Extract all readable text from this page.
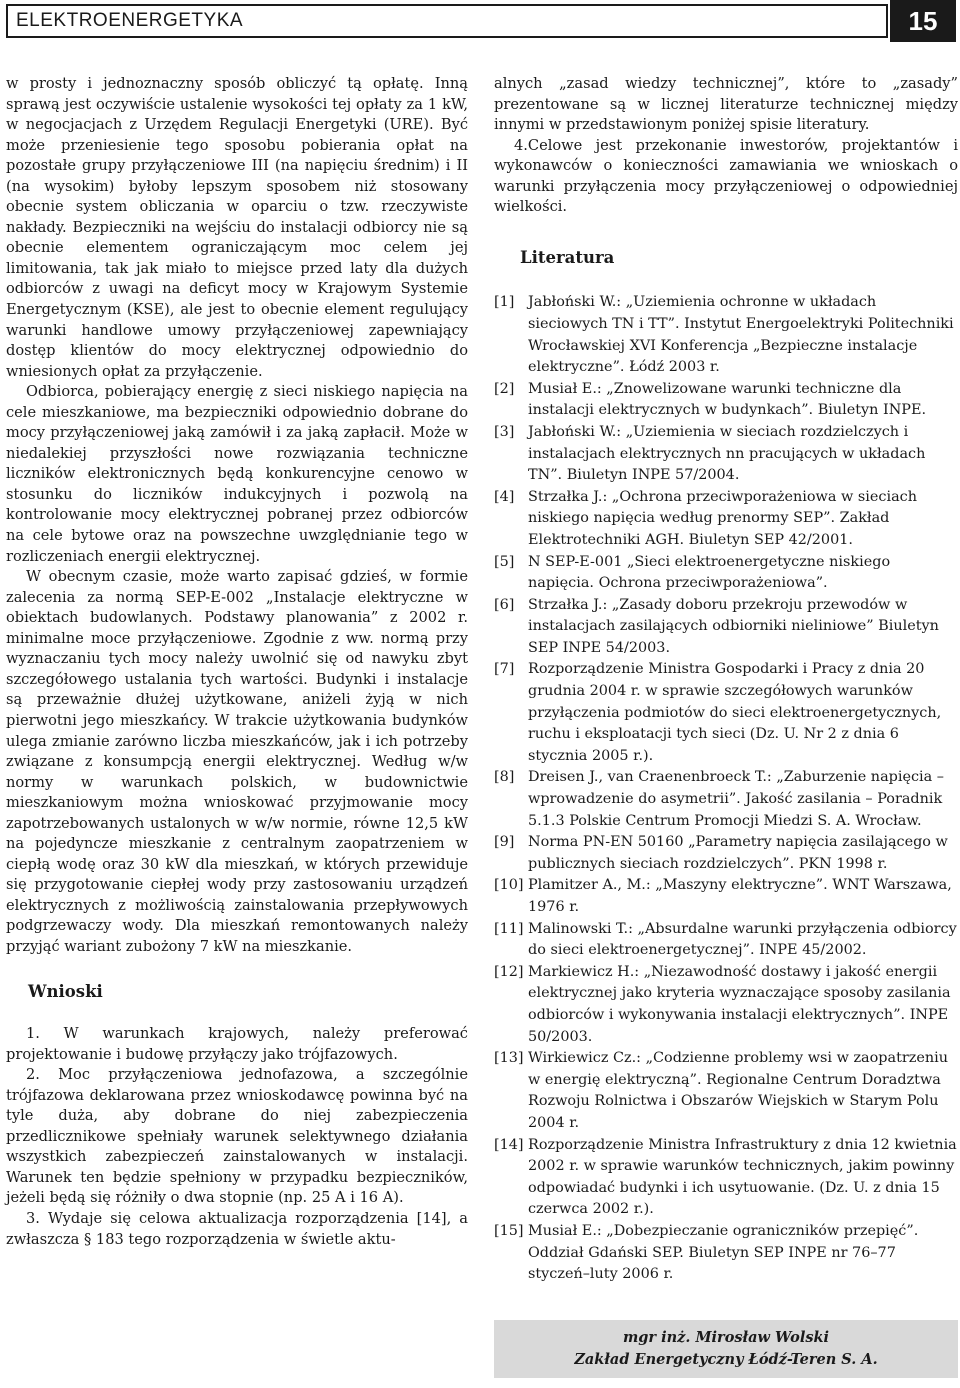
ELEKTROENERGETYKA	15

w prosty i jednoznaczny sposób obliczyć tą opłatę. Inną sprawą jest oczywiście ustalenie wysokości tej opłaty za 1 kW, w negocjacjach z Urzędem Regulacji Energetyki (URE). Być może przeniesienie tego sposobu pobierania opłat na pozostałe grupy przyłączeniowe III (na napięciu średnim) i II (na wysokim) byłoby lepszym sposobem niż stosowany obecnie system obliczania w oparciu o tzw. rzeczywiste nakłady. Bezpieczniki na wejściu do instalacji odbiorcy nie są obecnie elementem ograniczającym moc celem jej limitowania, tak jak miało to miejsce przed laty dla dużych odbiorców z uwagi na deficyt mocy w Krajowym Systemie Energetycznym (KSE), ale jest to obecnie element regulujący warunki handlowe umowy przyłączeniowej zapewniający dostęp klientów do mocy elektrycznej odpowiednio do wniesionych opłat za przyłączenie.

Odbiorca, pobierający energię z sieci niskiego napięcia na cele mieszkaniowe, ma bezpieczniki odpowiednio dobrane do mocy przyłączeniowej jaką zamówił i za jaką zapłacił. Może w niedalekiej przyszłości nowe rozwiązania techniczne liczników elektronicznych będą konkurencyjne cenowo w stosunku do liczników indukcyjnych i pozwolą na kontrolowanie mocy elektrycznej pobranej przez odbiorców na cele bytowe oraz na powszechne uwzględnianie tego w rozliczeniach energii elektrycznej.

W obecnym czasie, może warto zapisać gdzieś, w formie zalecenia za normą SEP-E-002 „Instalacje elektryczne w obiektach budowlanych. Podstawy planowania” z 2002 r. minimalne moce przyłączeniowe. Zgodnie z ww. normą przy wyznaczaniu tych mocy należy uwolnić się od nawyku zbyt szczegółowego ustalania tych wartości. Budynki i instalacje są przeważnie dłużej użytkowane, aniżeli żyją w nich pierwotni jego mieszkańcy. W trakcie użytkowania budynków ulega zmianie zarówno liczba mieszkańców, jak i ich potrzeby związane z konsumpcją energii elektrycznej. Według w/w normy w warunkach polskich, w budownictwie mieszkaniowym można wnioskować przyjmowanie mocy zapotrzebowanych ustalonych w w/w normie, równe 12,5 kW na pojedyncze mieszkanie z centralnym zaopatrzeniem w ciepłą wodę oraz 30 kW dla mieszkań, w których przewiduje się przygotowanie ciepłej wody przy zastosowaniu urządzeń elektrycznych z możliwością zainstalowania przepływowych podgrzewaczy wody. Dla mieszkań remontowanych należy przyjąć wariant zubożony 7 kW na mieszkanie.

Wnioski

1. W warunkach krajowych, należy preferować projektowanie i budowę przyłączy jako trójfazowych.

2. Moc przyłączeniowa jednofazowa, a szczególnie trójfazowa deklarowana przez wnioskodawcę powinna być na tyle duża, aby dobrane do niej zabezpieczenia przedlicznikowe spełniały warunek selektywnego działania wszystkich zabezpieczeń zainstalowanych w instalacji. Warunek ten będzie spełniony w przypadku bezpieczników, jeżeli będą się różniły o dwa stopnie (np. 25 A i 16 A).

3. Wydaje się celowa aktualizacja rozporządzenia [14], a zwłaszcza § 183 tego rozporządzenia w świetle aktu-

alnych „zasad wiedzy technicznej”, które to „zasady” prezentowane są w licznej literaturze technicznej między innymi w przedstawionym poniżej spisie literatury.

4.Celowe jest przekonanie inwestorów, projektantów i wykonawców o konieczności zamawiania we wnioskach o warunki przyłączenia mocy przyłączeniowej o odpowiedniej wielkości.

Literatura
[1] Jabłoński W.: „Uziemienia ochronne w układach sieciowych TN i TT”. Instytut Energoelektryki Politechniki Wrocławskiej XVI Konferencja „Bezpieczne instalacje elektryczne”. Łódź 2003 r.
[2] Musiał E.: „Znowelizowane warunki techniczne dla instalacji elektrycznych w budynkach”. Biuletyn INPE.
[3] Jabłoński W.: „Uziemienia w sieciach rozdzielczych i instalacjach elektrycznych nn pracujących w układach TN”. Biuletyn INPE 57/2004.
[4] Strzałka J.: „Ochrona przeciwporażeniowa w sieciach niskiego napięcia według prenormy SEP”. Zakład Elektrotechniki AGH. Biuletyn SEP 42/2001.
[5] N SEP-E-001 „Sieci elektroenergetyczne niskiego napięcia. Ochrona przeciwporażeniowa”.
[6] Strzałka J.: „Zasady doboru przekroju przewodów w instalacjach zasilających odbiorniki nieliniowe” Biuletyn SEP INPE 54/2003.
[7] Rozporządzenie Ministra Gospodarki i Pracy z dnia 20 grudnia 2004 r. w sprawie szczegółowych warunków przyłączenia podmiotów do sieci elektroenergetycznych, ruchu i eksploatacji tych sieci (Dz. U. Nr 2 z dnia 6 stycznia 2005 r.).
[8] Dreisen J., van Craenenbroeck T.: „Zaburzenie napięcia – wprowadzenie do asymetrii”. Jakość zasilania – Poradnik 5.1.3 Polskie Centrum Promocji Miedzi S. A. Wrocław.
[9] Norma PN-EN 50160 „Parametry napięcia zasilającego w publicznych sieciach rozdzielczych”. PKN 1998 r.
[10] Plamitzer A., M.: „Maszyny elektryczne”. WNT Warszawa, 1976 r.
[11] Malinowski T.: „Absurdalne warunki przyłączenia odbiorcy do sieci elektroenergetycznej”. INPE 45/2002.
[12] Markiewicz H.: „Niezawodność dostawy i jakość energii elektrycznej jako kryteria wyznaczające sposoby zasilania odbiorców i wykonywania instalacji elektrycznych”. INPE 50/2003.
[13] Wirkiewicz Cz.: „Codzienne problemy wsi w zaopatrzeniu w energię elektryczną”. Regionalne Centrum Doradztwa Rozwoju Rolnictwa i Obszarów Wiejskich w Starym Polu 2004 r.
[14] Rozporządzenie Ministra Infrastruktury z dnia 12 kwietnia 2002 r. w sprawie warunków technicznych, jakim powinny odpowiadać budynki i ich usytuowanie. (Dz. U. z dnia 15 czerwca 2002 r.).
[15] Musiał E.: „Dobezpieczanie ograniczników przepięć”. Oddział Gdański SEP. Biuletyn SEP INPE nr 76–77 styczeń–luty 2006 r.
mgr inż. Mirosław Wolski
Zakład Energetyczny Łódź-Teren S. A.
